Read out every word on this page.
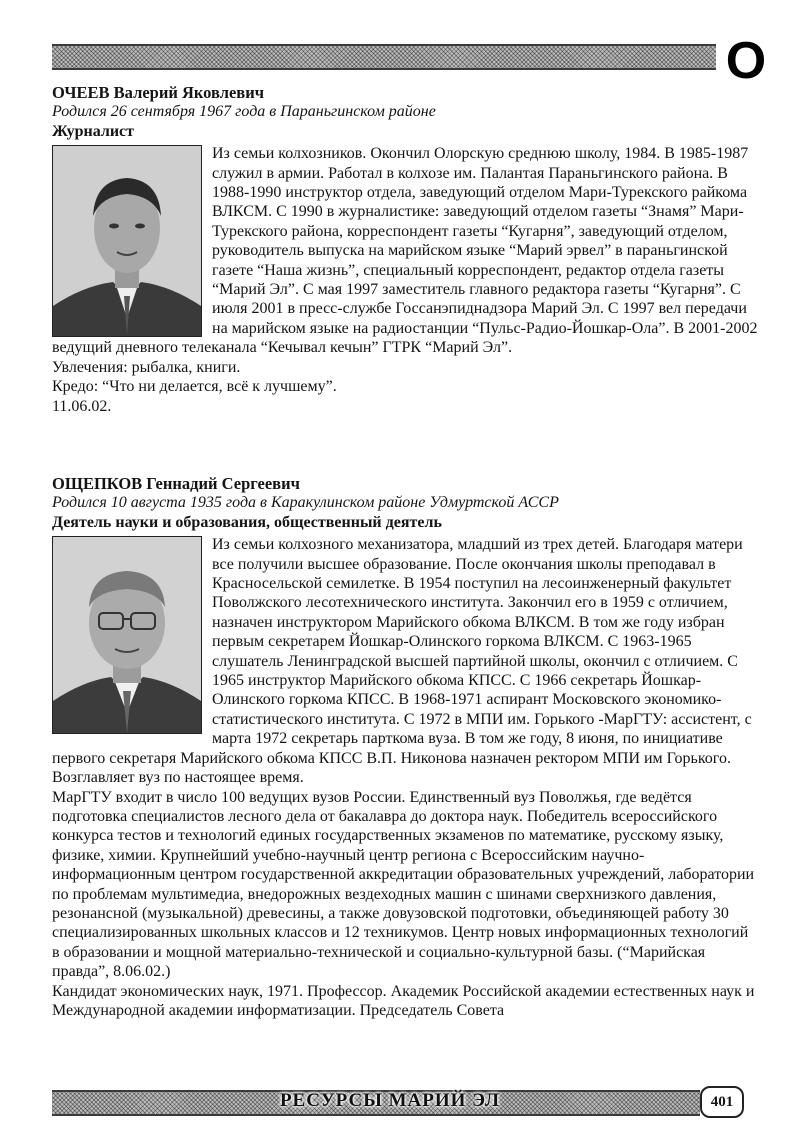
О

ОЧЕЕВ Валерий Яковлевич

Родился 26 сентября 1967 года в Параньгинском районе

Журналист

Из семьи колхозников. Окончил Олорскую среднюю школу, 1984. В 1985-1987 служил в армии. Работал в колхозе им. Палантая Параньгинского района. В 1988-1990 инструктор отдела, заведующий отделом Мари-Турекского райкома ВЛКСМ. С 1990 в журналистике: заведующий отделом газеты “Знамя” Мари-Турекского района, корреспондент газеты “Кугарня”, заведующий отделом, руководитель выпуска на марийском языке “Марий эрвел” в параньгинской газете “Наша жизнь”, специальный корреспондент, редактор отдела газеты “Марий Эл”. С мая 1997 заместитель главного редактора газеты “Кугарня”. С июля 2001 в пресс-службе Госсанэпиднадзора Марий Эл. С 1997 вел передачи на марийском языке на радиостанции “Пульс-Радио-Йошкар-Ола”. В 2001-2002 ведущий дневного телеканала “Кечывал кечын” ГТРК “Марий Эл”.

Увлечения: рыбалка, книги.

Кредо: “Что ни делается, всё к лучшему”.

11.06.02.

ОЩЕПКОВ Геннадий Сергеевич

Родился 10 августа 1935 года в Каракулинском районе Удмуртской АССР

Деятель науки и образования, общественный деятель

Из семьи колхозного механизатора, младший из трех детей. Благодаря матери все получили высшее образование. После окончания школы преподавал в Красносельской семилетке. В 1954 поступил на лесоинженерный факультет Поволжского лесотехнического института. Закончил его в 1959 с отличием, назначен инструктором Марийского обкома ВЛКСМ. В том же году избран первым секретарем Йошкар-Олинского горкома ВЛКСМ. С 1963-1965 слушатель Ленинградской высшей партийной школы, окончил с отличием. С 1965 инструктор Марийского обкома КПСС. С 1966 секретарь Йошкар-Олинского горкома КПСС. В 1968-1971 аспирант Московского экономико-статистического института. С 1972 в МПИ им. Горького -МарГТУ: ассистент, с марта 1972 секретарь парткома вуза. В том же году, 8 июня, по инициативе первого секретаря Марийского обкома КПСС В.П. Никонова назначен ректором МПИ им Горького. Возглавляет вуз по настоящее время.

МарГТУ входит в число 100 ведущих вузов России. Единственный вуз Поволжья, где ведётся подготовка специалистов лесного дела от бакалавра до доктора наук. Победитель всероссийского конкурса тестов и технологий единых государственных экзаменов по математике, русскому языку, физике, химии. Крупнейший учебно-научный центр региона с Всероссийским научно-информационным центром государственной аккредитации образовательных учреждений, лаборатории по проблемам мультимедиа, внедорожных вездеходных машин с шинами сверхнизкого давления, резонансной (музыкальной) древесины, а также довузовской подготовки, объединяющей работу 30 специализированных школьных классов и 12 техникумов. Центр новых информационных технологий в образовании и мощной материально-технической и социально-культурной базы. (“Марийская правда”, 8.06.02.)

Кандидат экономических наук, 1971. Профессор. Академик Российской академии естественных наук и Международной академии информатизации. Председатель Совета

РЕСУРСЫ МАРИЙ ЭЛ	401
